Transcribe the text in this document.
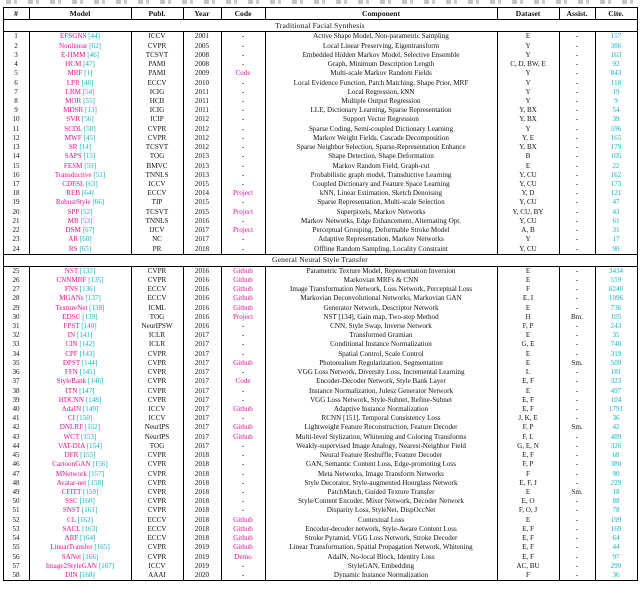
#	Model	Publ.	Year	Code	Component	Dataset	Assist.	Cite.
Traditional Facial Synthesis								
1	EFSGNS [44]	ICCV	2001	-	Active Shape Model, Non-parametric Sampling	E	-	157
2	Nonlinear [62]	CVPR	2005	-	Local Linear Preserving, Eigentransform	Y	-	386
3	E-HMM [46]	TCSVT	2008	-	Embedded Hidden Markov Model, Selective Ensemble	Y	-	163
4	HCM [47]	PAMI	2008	-	Graph, Minimum Description Length	C, D, BW, E	-	92
5	MRF [1]	PAMI	2009	Code	Multi-scale Markov Random Fields	Y	-	843
6	LPR [48]	ECCV	2010	-	Local Evidence Function, Patch Matching, Shape Prior, MRF	Y	-	118
7	LRM [54]	ICIG	2011	-	Local Regression, kNN	Y	-	19
8	MOR [55]	HCII	2011	-	Multiple Output Regression	Y	-	9
9	MDSR [13]	ICIG	2011	-	LLE, Dictionary Learning, Sparse Representation	Y, BX	-	54
10	SVR [56]	ICIP	2012	-	Support Vector Regression	Y, BX	-	39
11	SCDL [58]	CVPR	2012	-	Sparse Coding, Semi-coupled Dictionary Learning	Y	-	596
12	MWF [45]	CVPR	2012	-	Markov Weight Fields, Cascade Decomposition	Y, E	-	165
13	SR [14]	TCSVT	2012	-	Sparse Neighbor Selection, Sparse-Representation Enhance	Y, BX	-	179
14	SAPS [15]	TOG	2013	-	Shape Detection, Shape Deformation	B	-	105
15	FESM [59]	BMVC	2013	-	Markov Random Field, Graph-cut	E	-	22
16	Transductive [51]	TNNLS	2013	-	Probabilistic graph model, Transductive Learning	Y, CU	-	162
17	CDFSL [63]	ICCV	2015	-	Coupled Dictionary and Feature Space Learning	Y, CU	-	173
18	REB [64]	ECCV	2014	Project	kNN, Linear Estimation, Sketch Denoising	Y, D	-	121
19	RobustStyle [66]	TIP	2015	-	Sparse Representation, Multi-scale Selection	Y, CU	-	47
20	SPP [52]	TCSVT	2015	Project	Superpixels, Markov Networks	Y, CU, BY	-	43
21	MR [53]	TNNLS	2016	-	Markov Networks, Edge Enhancement, Alternating Opt.	Y, CU	-	61
22	DSM [67]	IJCV	2017	Project	Perceptual Grouping, Deformable Stroke Model	A, B	-	31
23	AR [68]	NC	2017	-	Adaptive Representation, Markov Networks	Y	-	17
24	RS [65]	PR	2018	-	Offline Random Sampling, Locality Constraint	Y, CU	-	90
General Neural Style Transfer								
25	NST [133]	CVPR	2016	Github	Parametric Texture Model, Representation Inversion	E	-	3434
26	CNNMRF [135]	CVPR	2016	Github	Markovian MRFs & CNN	E	-	559
27	FNS [136]	ECCV	2016	Github	Image Transformation Network, Loss Network, Perceptual Loss	F	-	6240
28	MGANs [137]	ECCV	2016	Github	Markovian Deconvolutional Networks, Markovian GAN	E, I	-	1096
29	TextureNet [138]	ICML	2016	Github	Generator Network, Descriptor Network	E	-	736
30	EDSC [139]	TOG	2016	Project	NST [134], Gain map, Two-step Method	H	Bm.	105
31	FPST [140]	NeurIPSW	2016	-	CNN, Style Swap, Inverse Network	F, P	-	243
32	IN [141]	ICLR	2017	-	Transformed Gramian	E	-	35
33	CIN [142]	ICLR	2017	-	Conditional Instance Normalization	G, E	-	748
34	CPF [143]	CVPR	2017	-	Spatial Control, Scale Control	E	-	319
35	DPST [144]	CVPR	2017	Github	Photorealism Regularization, Segmentation	E	Sm.	509
36	FFN [145]	CVPR	2017	-	VGG Loss Network, Diversity Loss, Incremental Learning	L	-	181
37	StyleBank [146]	CVPR	2017	Code	Encoder-Decoder Network, Style Bank Layer	E, F	-	323
38	ITN [147]	CVPR	2017	-	Instance Normalization, Julesz Generator Network	E	-	497
39	HDCNN [148]	CVPR	2017	-	VGG Loss Network, Style-Subnet, Refine-Subnet	E, F	-	104
40	AdaIN [149]	ICCV	2017	Github	Adaptive Instance Normalization	E, F	-	1791
41	CI [150]	ICCV	2017	-	RCNN [151], Temporal Consistency Loss	J, K, E	-	36
42	DNLRF [152]	NeurIPS	2017	Github	Lightweight Feature Reconstruction, Feature Decoder	F, P	Sm.	42
43	WCT [153]	NeurIPS	2017	Github	Multi-level Stylization, Whitening and Coloring Transforms	F, L	-	489
44	VAT-DIA [154]	TOG	2017	-	Weakly-supervised Image Analogy, Nearest-Neighbor Field	G, E, N	-	326
45	DFR [155]	CVPR	2018	-	Neural Feature Reshuffle, Feature Decoder	E, F	-	68
46	CartoonGAN [156]	CVPR	2018	-	GAN, Semantic Content Loss, Edge-promoting Loss	F, P	-	380
47	MNetwork [157]	CVPR	2018	-	Meta Networks, Image Transform Networks	F	-	90
48	Avatar-net [158]	CVPR	2018	-	Style Decorator, Style-augmented Hourglass Network	E, F, J	-	229
49	CFITT [159]	CVPR	2018	-	PatchMatch, Guided Texture Transfer	E	Sm.	18
50	SSC [160]	CVPR	2018	-	Style/Content Encoder, Mixer Network, Decoder Network	E, O	-	88
51	SNST [161]	CVPR	2018	-	Disparity Loss, StyleNet, DispOccNet	F, O, J	-	78
52	CL [162]	ECCV	2018	Github	Contextual Loss	E	-	199
53	SACL [163]	ECCV	2018	Github	Encoder-decoder network, Style-Aware Content Loss	E, F	-	169
54	ARF [164]	ECCV	2018	Github	Stroke Pyramid, VGG Loss Network, Stroke Decoder	E, F	-	64
55	LinearTransfer [165]	CVPR	2019	Github	Linear Transformation, Spatial Propagation Network, Whitening	E, F	-	44
56	SANet [166]	CVPR	2019	Demo	AdaIN, No-local Block, Identity Loss	E, F	-	97
57	Image2StyleGAN [167]	ICCV	2019	-	StyleGAN, Embedding	AC, BU	-	299
58	DIN [168]	AAAI	2020	-	Dynamic Instance Normalization	F	-	36
